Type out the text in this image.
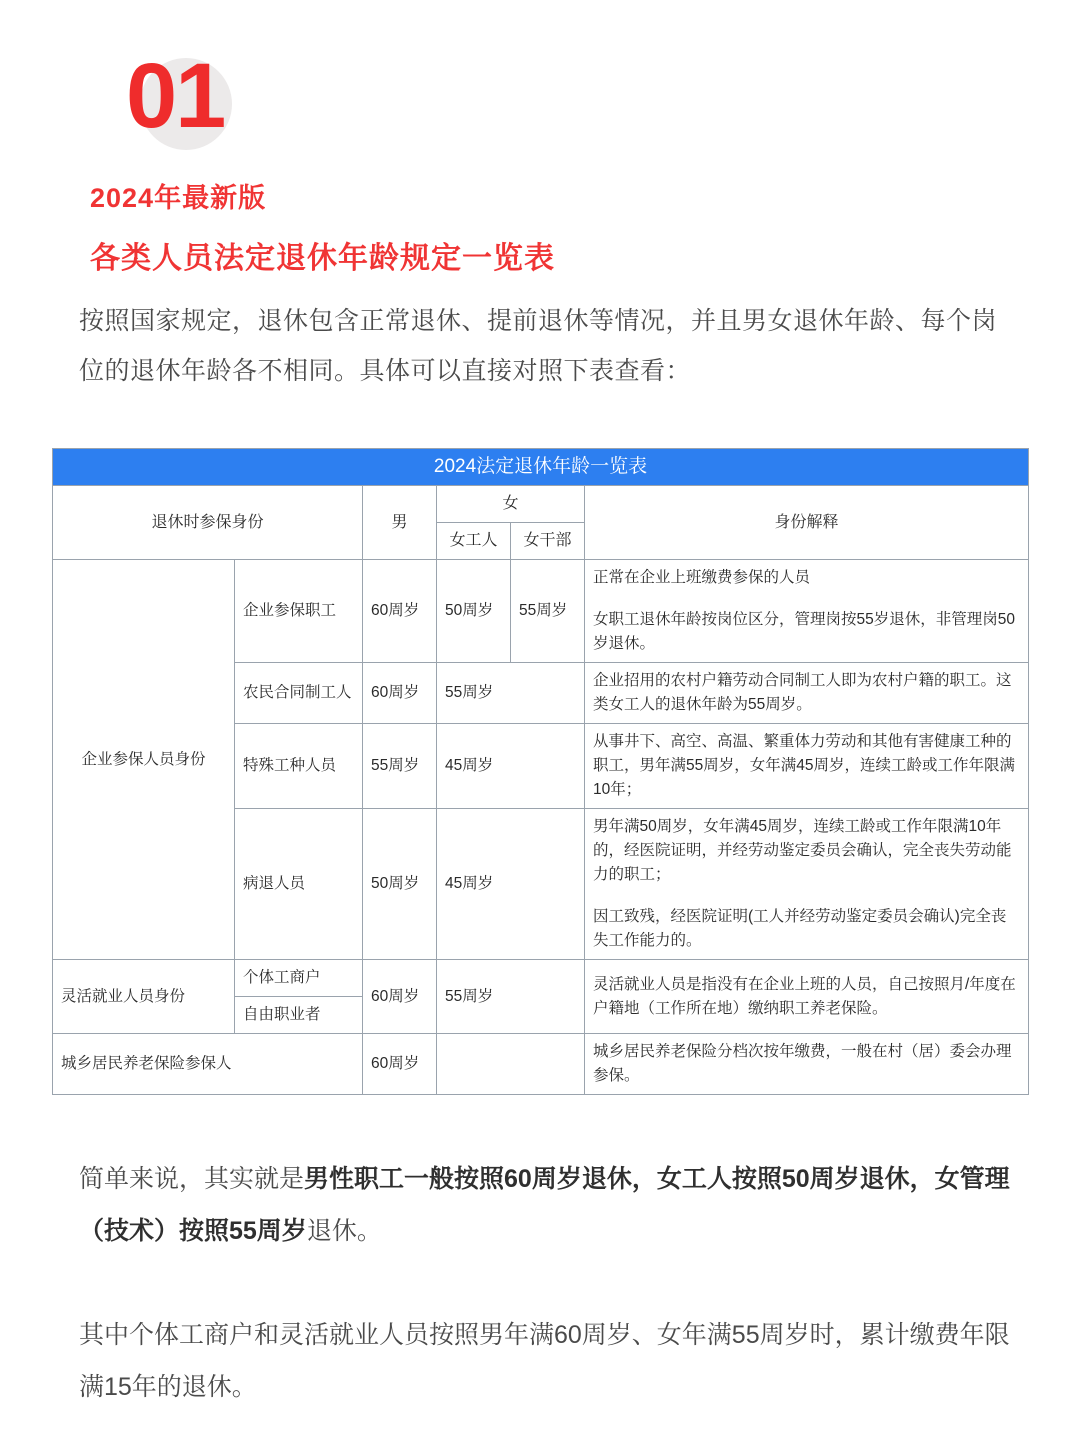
01
2024年最新版
各类人员法定退休年龄规定一览表
按照国家规定，退休包含正常退休、提前退休等情况，并且男女退休年龄、每个岗位的退休年龄各不相同。具体可以直接对照下表查看：
2024法定退休年龄一览表					
退休时参保身份		男	女		身份解释
			女工人	女干部	
企业参保人员身份	企业参保职工	60周岁	50周岁	55周岁	正常在企业上班缴费参保的人员

女职工退休年龄按岗位区分，管理岗按55岁退休，非管理岗50岁退休。

	农民合同制工人	60周岁	55周岁		企业招用的农村户籍劳动合同制工人即为农村户籍的职工。这类女工人的退休年龄为55周岁。

	特殊工种人员	55周岁	45周岁		从事井下、高空、高温、繁重体力劳动和其他有害健康工种的职工，男年满55周岁，女年满45周岁，连续工龄或工作年限满10年；

	病退人员	50周岁	45周岁		男年满50周岁，女年满45周岁，连续工龄或工作年限满10年的，经医院证明，并经劳动鉴定委员会确认，完全丧失劳动能力的职工；

因工致残，经医院证明(工人并经劳动鉴定委员会确认)完全丧失工作能力的。

灵活就业人员身份	个体工商户	60周岁	55周岁		灵活就业人员是指没有在企业上班的人员，自己按照月/年度在户籍地（工作所在地）缴纳职工养老保险。

	自由职业者				
城乡居民养老保险参保人		60周岁			城乡居民养老保险分档次按年缴费，一般在村（居）委会办理参保。

简单来说，其实就是男性职工一般按照60周岁退休，女工人按照50周岁退休，女管理（技术）按照55周岁退休。
其中个体工商户和灵活就业人员按照男年满60周岁、女年满55周岁时，累计缴费年限满15年的退休。
